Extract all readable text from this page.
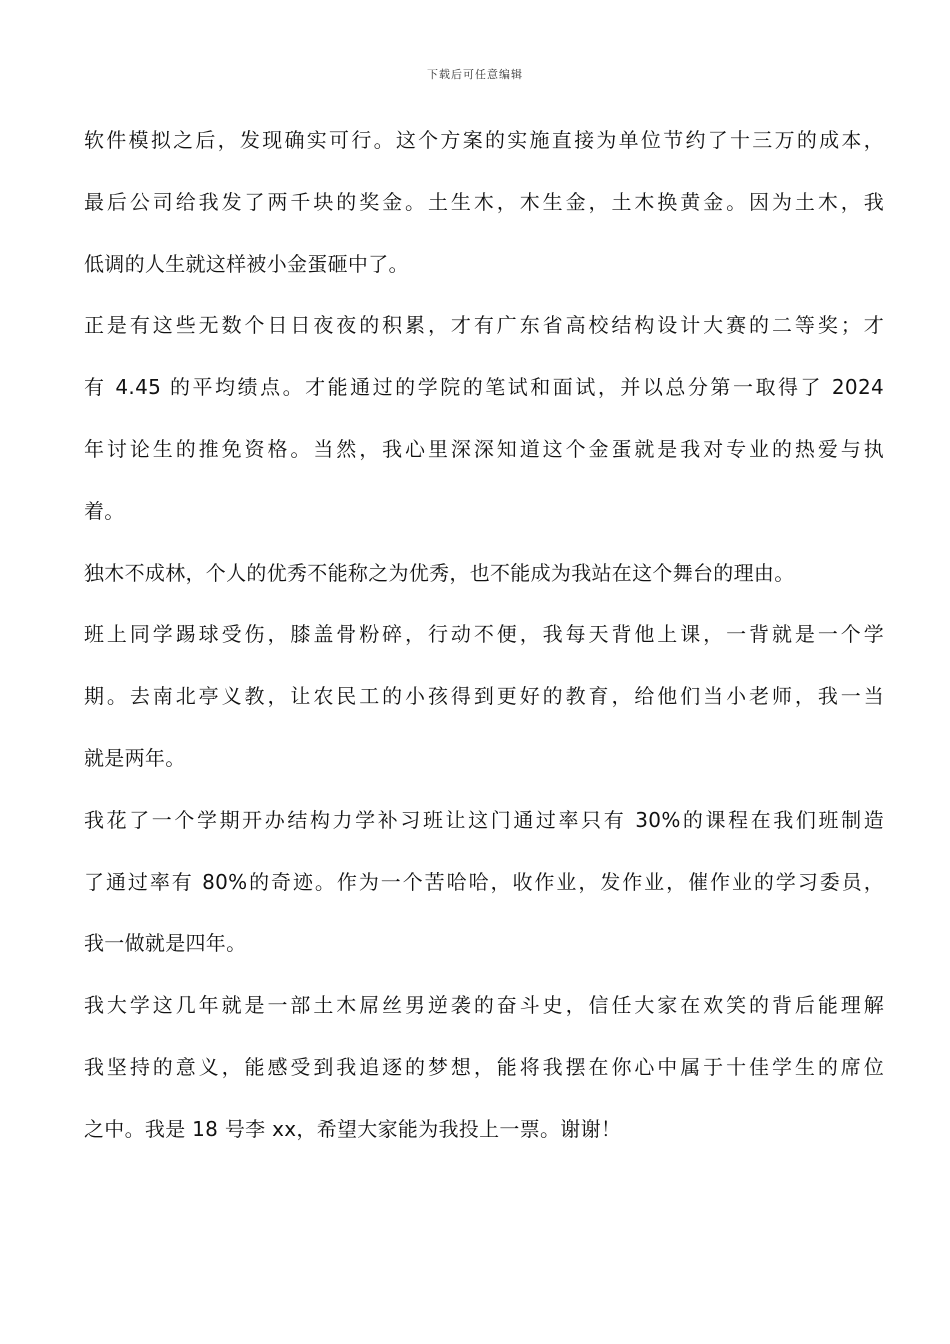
下载后可任意编辑
软件模拟之后，发现确实可行。这个方案的实施直接为单位节约了十三万的成本，
最后公司给我发了两千块的奖金。土生木，木生金，土木换黄金。因为土木，我
低调的人生就这样被小金蛋砸中了。
正是有这些无数个日日夜夜的积累，才有广东省高校结构设计大赛的二等奖；才
有 4.45 的平均绩点。才能通过的学院的笔试和面试，并以总分第一取得了 2024
年讨论生的推免资格。当然，我心里深深知道这个金蛋就是我对专业的热爱与执
着。
独木不成林，个人的优秀不能称之为优秀，也不能成为我站在这个舞台的理由。
班上同学踢球受伤，膝盖骨粉碎，行动不便，我每天背他上课，一背就是一个学
期。去南北亭义教，让农民工的小孩得到更好的教育，给他们当小老师，我一当
就是两年。
我花了一个学期开办结构力学补习班让这门通过率只有 30%的课程在我们班制造
了通过率有 80%的奇迹。作为一个苦哈哈，收作业，发作业，催作业的学习委员，
我一做就是四年。
我大学这几年就是一部土木屌丝男逆袭的奋斗史，信任大家在欢笑的背后能理解
我坚持的意义，能感受到我追逐的梦想，能将我摆在你心中属于十佳学生的席位
之中。我是 18 号李 xx，希望大家能为我投上一票。谢谢！
